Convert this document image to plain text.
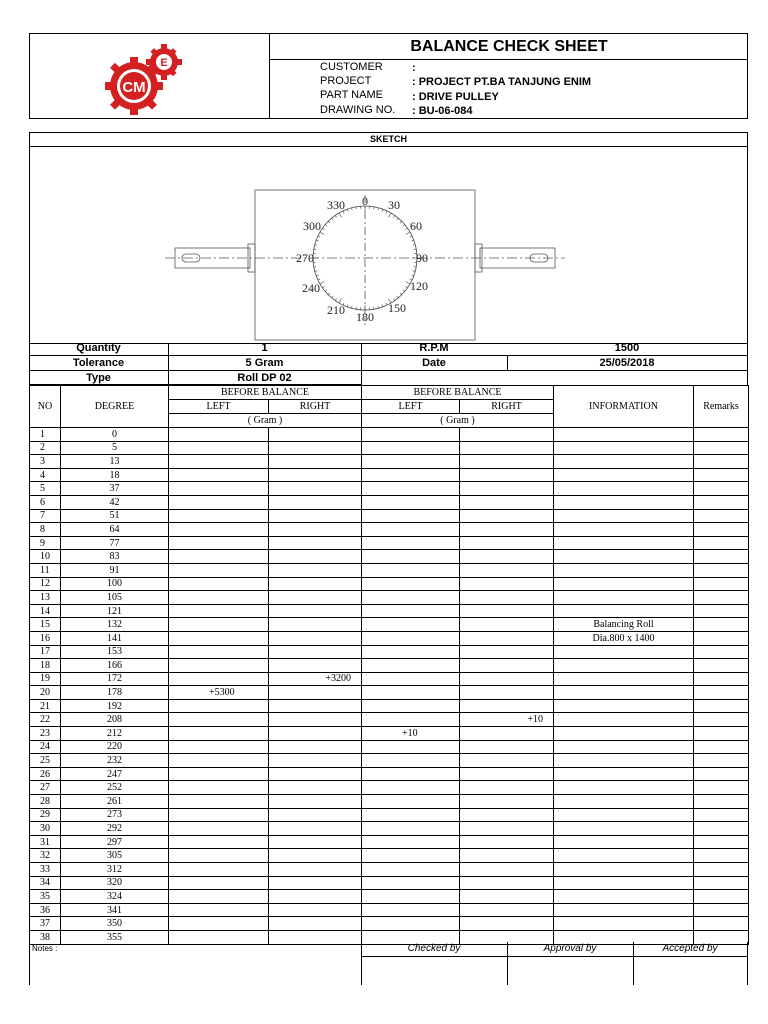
E
CM
BALANCE CHECK SHEET
CUSTOMER	:
PROJECT	: PROJECT PT.BA TANJUNG ENIM
PART NAME	: DRIVE PULLEY
DRAWING NO. : BU-06-084
SKETCH
330 0 30
300	60
270	90
240	120
210 180
150
Quantity	1	R.P.M	1500
Tolerance	5 Gram	Date	25/05/2018
Type	Roll DP 02
NO	DEGREE	BEFORE BALANCE		BEFORE BALANCE		INFORMATION	Remarks
		LEFT	RIGHT	LEFT	RIGHT		
		( Gram )		( Gram )			
1	0						
2	5						
3	13						
4	18						
5	37						
6	42						
7	51						
8	64						
9	77						
10	83						
11	91						
12	100						
13	105						
14	121						
15	132					Balancing Roll	
16	141					Dia.800 x 1400	
17	153						
18	166						
19	172		+3200				
20	178	+5300					
21	192						
22	208				+10		
23	212			+10			
24	220						
25	232						
26	247						
27	252						
28	261						
29	273						
30	292						
31	297						
32	305						
33	312						
34	320						
35	324						
36	341						
37	350						
38	355						
Notes :	Checked by	Approval by	Accepted by
